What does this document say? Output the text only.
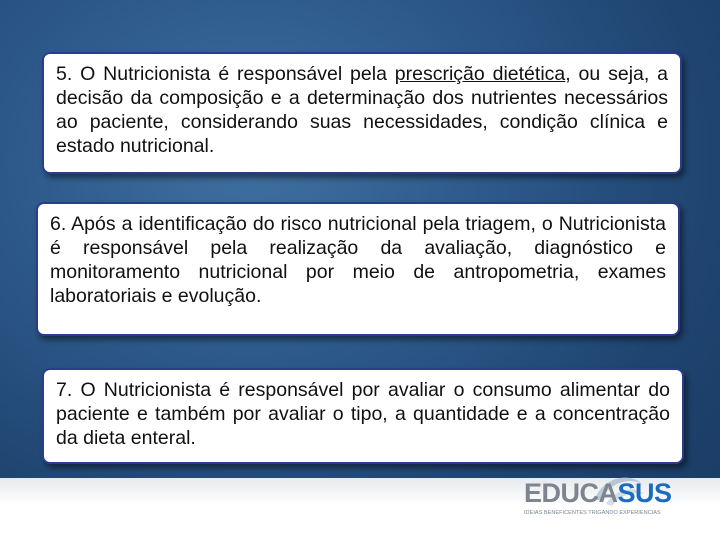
5. O Nutricionista é responsável pela prescrição dietética, ou seja, a decisão da composição e a determinação dos nutrientes necessários ao paciente, considerando suas necessidades, condição clínica e estado nutricional.
6. Após a identificação do risco nutricional pela triagem, o Nutricionista é responsável pela realização da avaliação, diagnóstico e monitoramento nutricional por meio de antropometria, exames laboratoriais e evolução.
7. O Nutricionista é responsável por avaliar o consumo alimentar do paciente e também por avaliar o tipo, a quantidade e a concentração da dieta enteral.
EDUCASUS
IDEIAS BENEFICENTES TRIGANDO EXPERIÊNCIAS
